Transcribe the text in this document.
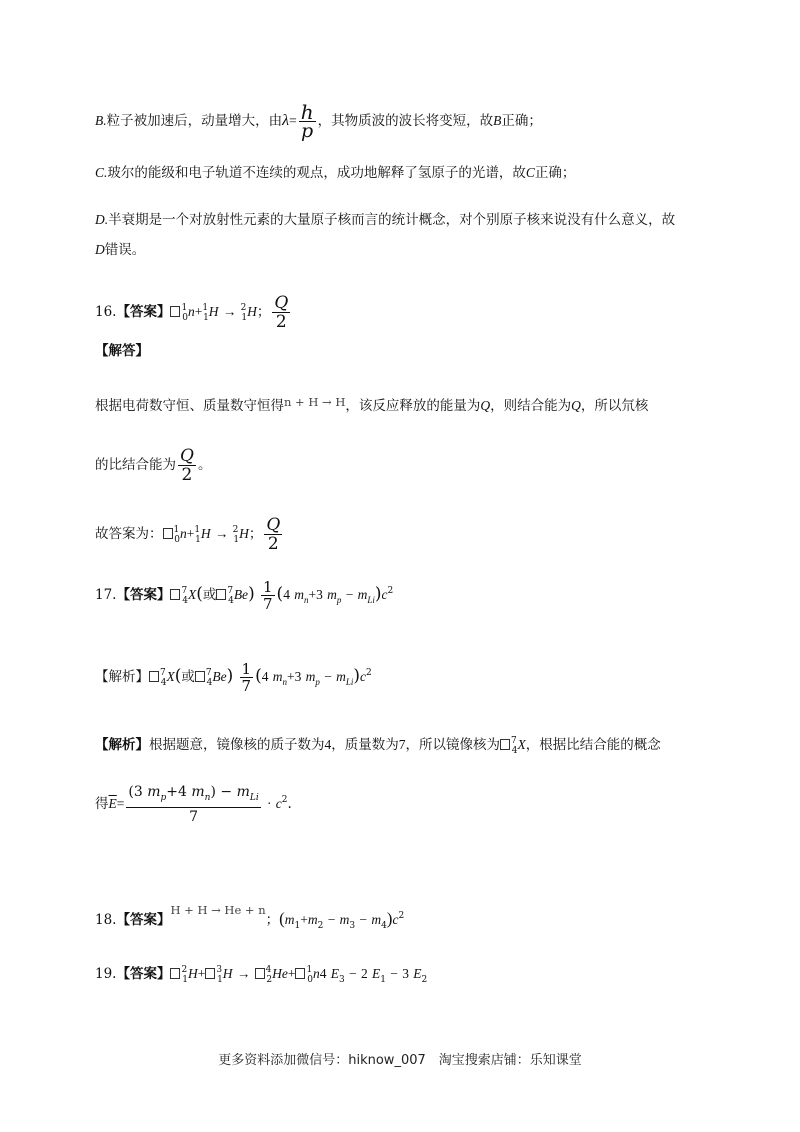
B.粒子被加速后，动量增大，由$\lambda= \frac{h}{p}$ ，其物质波的波长将变短，故B正确；
C.玻尔的能级和电子轨道不连续的观点，成功地解释了氢原子的光谱，故C正确；
D.半衰期是一个对放射性元素的大量原子核而言的统计概念，对个别原子核来说没有什么意义，故
D错误。
16.【答案】 $^1_0$n+$^1_1$H → $^2_1$H； $\frac{Q}{2}$
【解答】
根据电荷数守恒、质量数守恒得n + H → H，该反应释放的能量为Q，则结合能为Q，所以氘核
的比结合能为 $\frac{Q}{2}$ 。
故答案为： $^1_0$n+$^1_1$H → $^2_1$H； $\frac{Q}{2}$
17.【答案】 $^7_4$X(或 $^7_4Be) \frac{1}{7} (4$ $m_n+3$ $m_p - m_{Li})c^2$
【解析】 $^7_4$X(或 $^7_4Be) \frac{1}{7} (4$ $m_n+3$ $m_p - m_{Li})c^2$
【解析】根据题意，镜像核的质子数为4，质量数为7，所以镜像核为 $^7_4$X，根据比结合能的概念
得$\overline{E}= \frac{(3 m_p+4 m_n) - m_{Li}}{7} \cdot c^2$.
18.【答案】H + H → He + n；$(m_1+m_2 - m_3 - m_4)c^2$
19.【答案】 $^2_1$H+ $^3_1$H → $^4_2$He+ $^1_0$n4 $E_3 - 2$ $E_1 - 3$ $E_2$
更多资料添加微信号：hiknow_007　淘宝搜索店铺：乐知课堂
